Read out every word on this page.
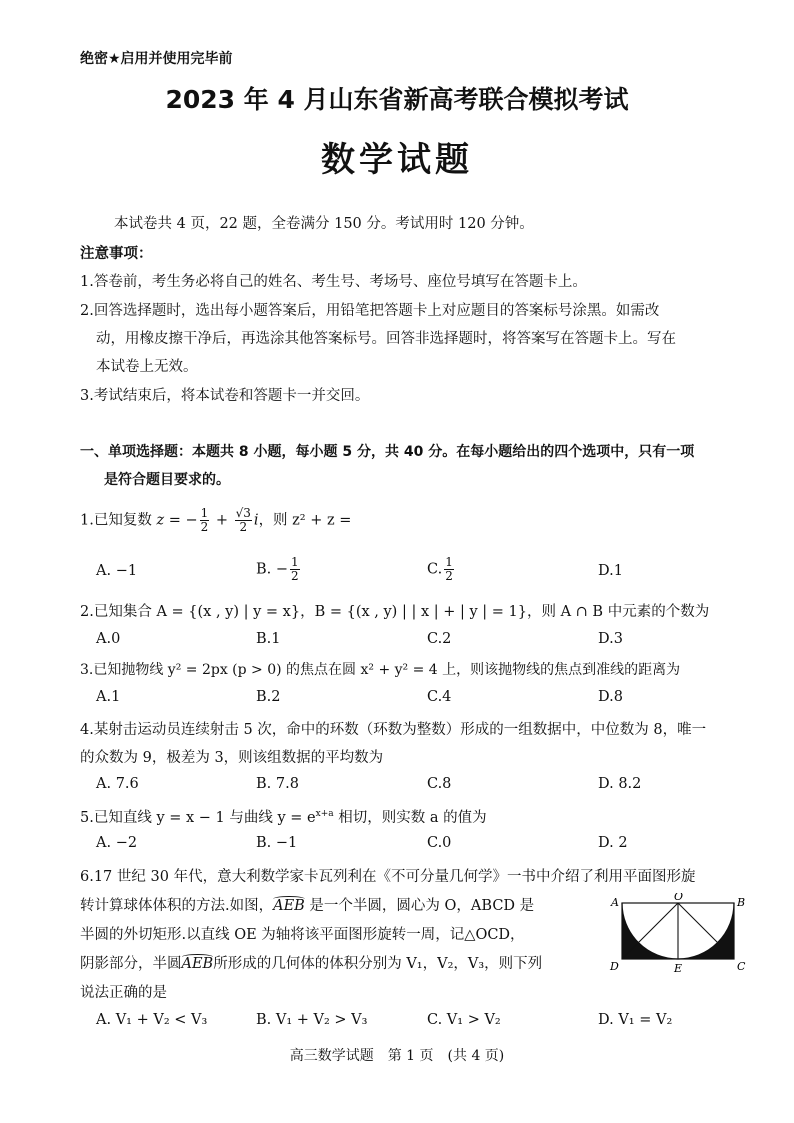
绝密★启用并使用完毕前
2023 年 4 月山东省新高考联合模拟考试
数学试题
本试卷共 4 页，22 题，全卷满分 150 分。考试用时 120 分钟。
注意事项：
1.答卷前，考生务必将自己的姓名、考生号、考场号、座位号填写在答题卡上。
2.回答选择题时，选出每小题答案后，用铅笔把答题卡上对应题目的答案标号涂黑。如需改
动，用橡皮擦干净后，再选涂其他答案标号。回答非选择题时，将答案写在答题卡上。写在
本试卷上无效。
3.考试结束后，将本试卷和答题卡一并交回。
一、单项选择题：本题共 8 小题，每小题 5 分，共 40 分。在每小题给出的四个选项中，只有一项
是符合题目要求的。
1.已知复数 z = − $\frac{1}{2} + \frac{√3}{2}$ i，则 z² + z =
A. −1	B. − $\frac{1}{2}$	C. $\frac{1}{2}$	D.1
2.已知集合 A = {(x , y) | y = x}，B = {(x , y) | | x | + | y | = 1}，则 A ∩ B 中元素的个数为
A.0	B.1	C.2	D.3
3.已知抛物线 y² = 2px (p > 0) 的焦点在圆 x² + y² = 4 上，则该抛物线的焦点到准线的距离为
A.1	B.2	C.4	D.8
4.某射击运动员连续射击 5 次，命中的环数（环数为整数）形成的一组数据中，中位数为 8，唯一
的众数为 9，极差为 3，则该组数据的平均数为
A. 7.6	B. 7.8	C.8	D. 8.2
5.已知直线 y = x − 1 与曲线 $y = e^{x+a}$ 相切，则实数 a 的值为
A. −2	B. −1	C.0	D. 2
6.17 世纪 30 年代，意大利数学家卡瓦列利在《不可分量几何学》一书中介绍了利用平面图形旋
转计算球体体积的方法.如图，AEB 是一个半圆，圆心为 O，ABCD 是
半圆的外切矩形.以直线 OE 为轴将该平面图形旋转一周，记△OCD，
阴影部分，半圆AEB所形成的几何体的体积分别为 V₁，V₂，V₃，则下列
说法正确的是
A. V₁ + V₂ < V₃	B. V₁ + V₂ > V₃	C. V₁ > V₂	D. V₁ = V₂
A	O	B
D	E	C
高三数学试题　第 1 页　(共 4 页)
